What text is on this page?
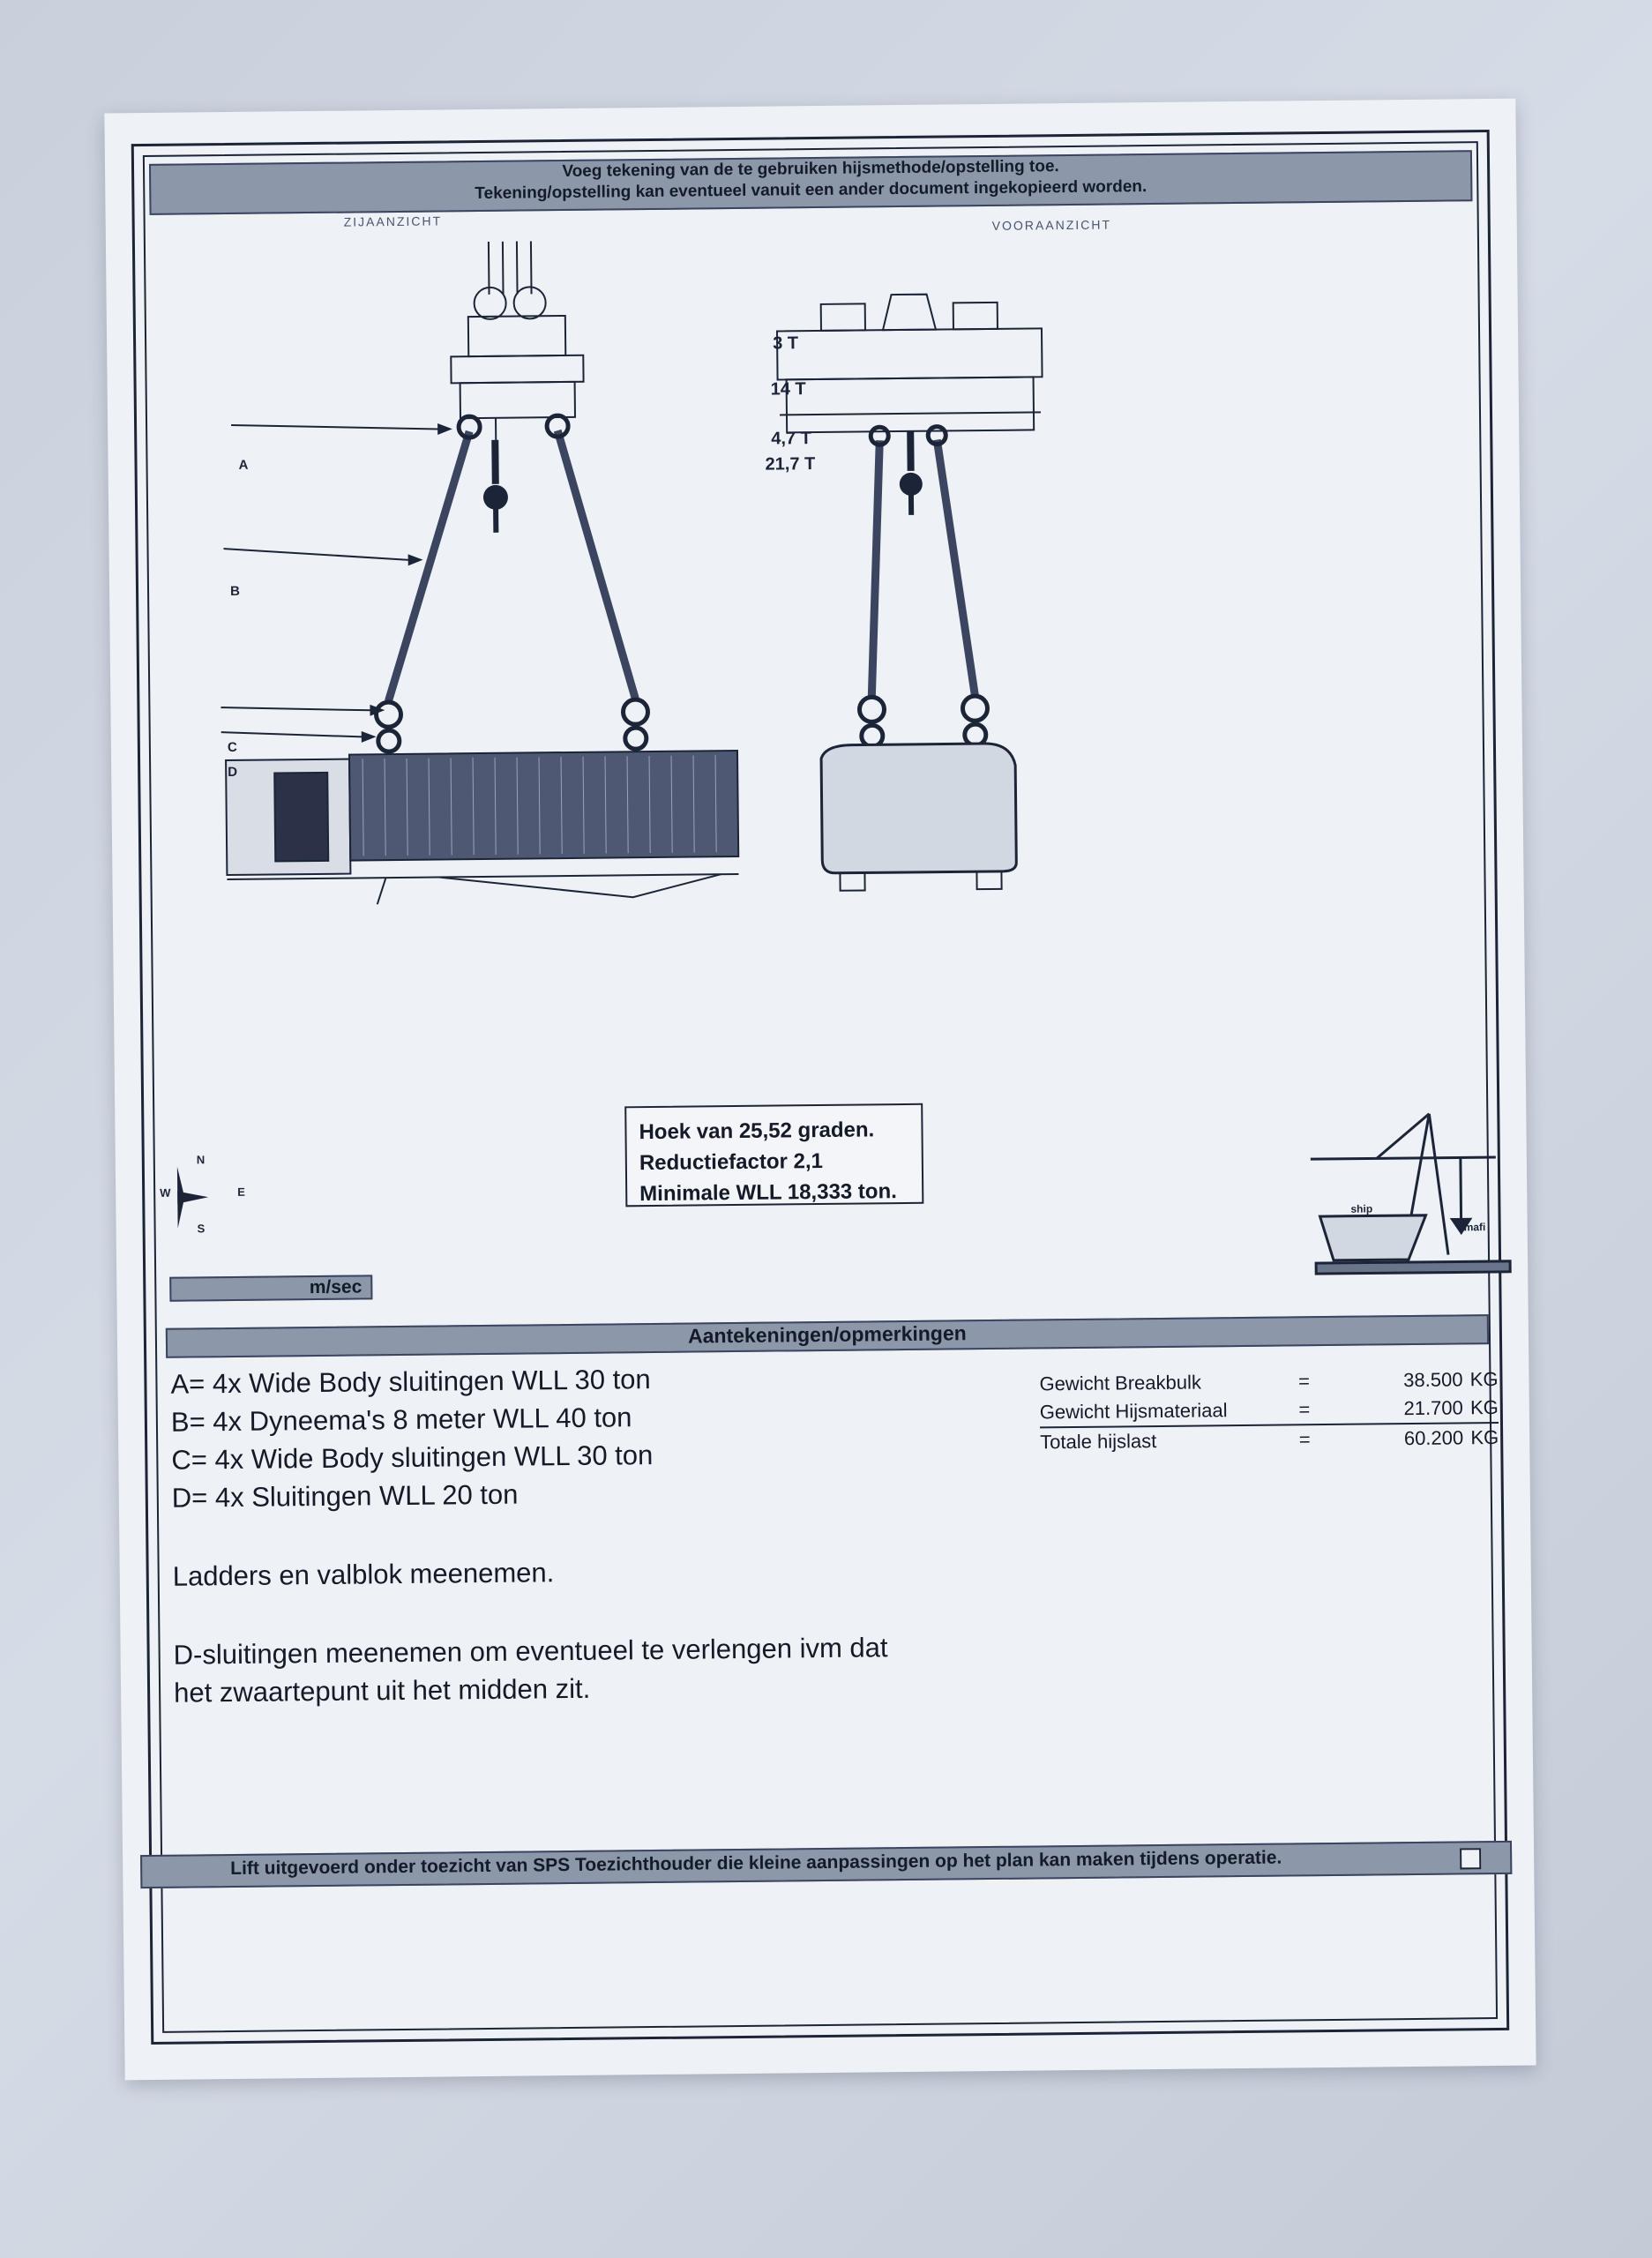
Voeg tekening van de te gebruiken hijsmethode/opstelling toe.
Tekening/opstelling kan eventueel vanuit een ander document ingekopieerd worden.
ZIJAANZICHT	VOORAANZICHT
3 T
14 T
4,7 T
21,7 T
A
B
C
D
N
W	E
S
m/sec
ship
mafi
Hoek van 25,52 graden.
Reductiefactor 2,1
Minimale WLL 18,333 ton.
Aantekeningen/opmerkingen

A= 4x Wide Body sluitingen WLL 30 ton

B= 4x Dyneema's 8 meter WLL 40 ton

C= 4x Wide Body sluitingen WLL 30 ton

D= 4x Sluitingen WLL 20 ton

Ladders en valblok meenemen.

D-sluitingen meenemen om eventueel te verlengen ivm dat

het zwaartepunt uit het midden zit.

Gewicht Breakbulk	=	38.500 KG
Gewicht Hijsmateriaal	=	21.700 KG
Totale hijslast	=	60.200 KG
Lift uitgevoerd onder toezicht van SPS Toezichthouder die kleine aanpassingen op het plan kan maken tijdens operatie.
